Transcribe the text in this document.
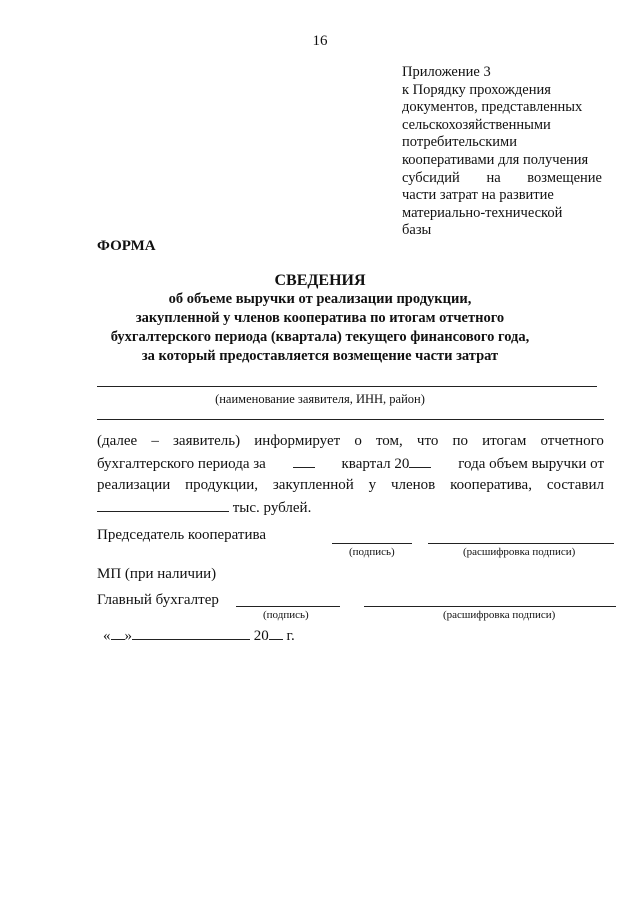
16
Приложение 3
к Порядку прохождения
документов, представленных
сельскохозяйственными
потребительскими
кооперативами для получения
субсидий на возмещение
части затрат на развитие
материально-технической
базы
ФОРМА
СВЕДЕНИЯ
об объеме выручки от реализации продукции,
закупленной у членов кооператива по итогам отчетного
бухгалтерского периода (квартала) текущего финансового года,
за который предоставляется возмещение части затрат
(наименование заявителя, ИНН, район)
(далее – заявитель) информирует о том, что по итогам отчетного
бухгалтерского периода за	квартал 20	года объем выручки от
реализации продукции, закупленной у членов кооператива, составил
тыс. рублей.
Председатель кооператива
(подпись)	(расшифровка подписи)
МП (при наличии)
Главный бухгалтер
(подпись)	(расшифровка подписи)
« »	20 г.
